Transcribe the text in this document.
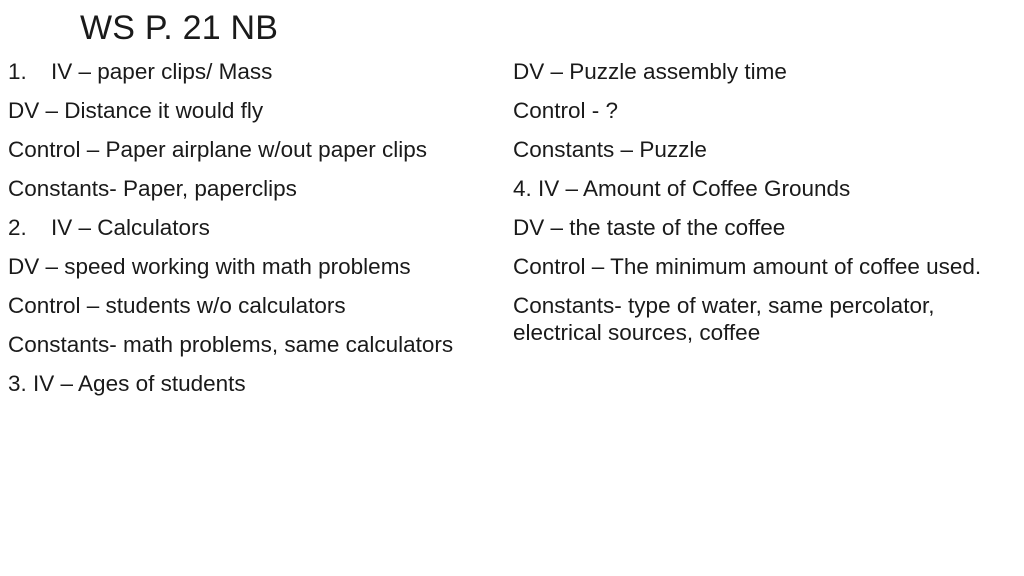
WS P. 21 NB

1.	IV – paper clips/ Mass

DV – Distance it would fly

Control – Paper airplane w/out paper clips

Constants- Paper, paperclips

2.	IV – Calculators

DV – speed working with math problems

Control – students w/o calculators

Constants- math problems, same calculators

3. IV – Ages of students

DV – Puzzle assembly time

Control - ?

Constants – Puzzle

4. IV – Amount of Coffee Grounds

DV – the taste of the coffee

Control – The minimum amount of coffee used.

Constants- type of water, same percolator, electrical sources, coffee
